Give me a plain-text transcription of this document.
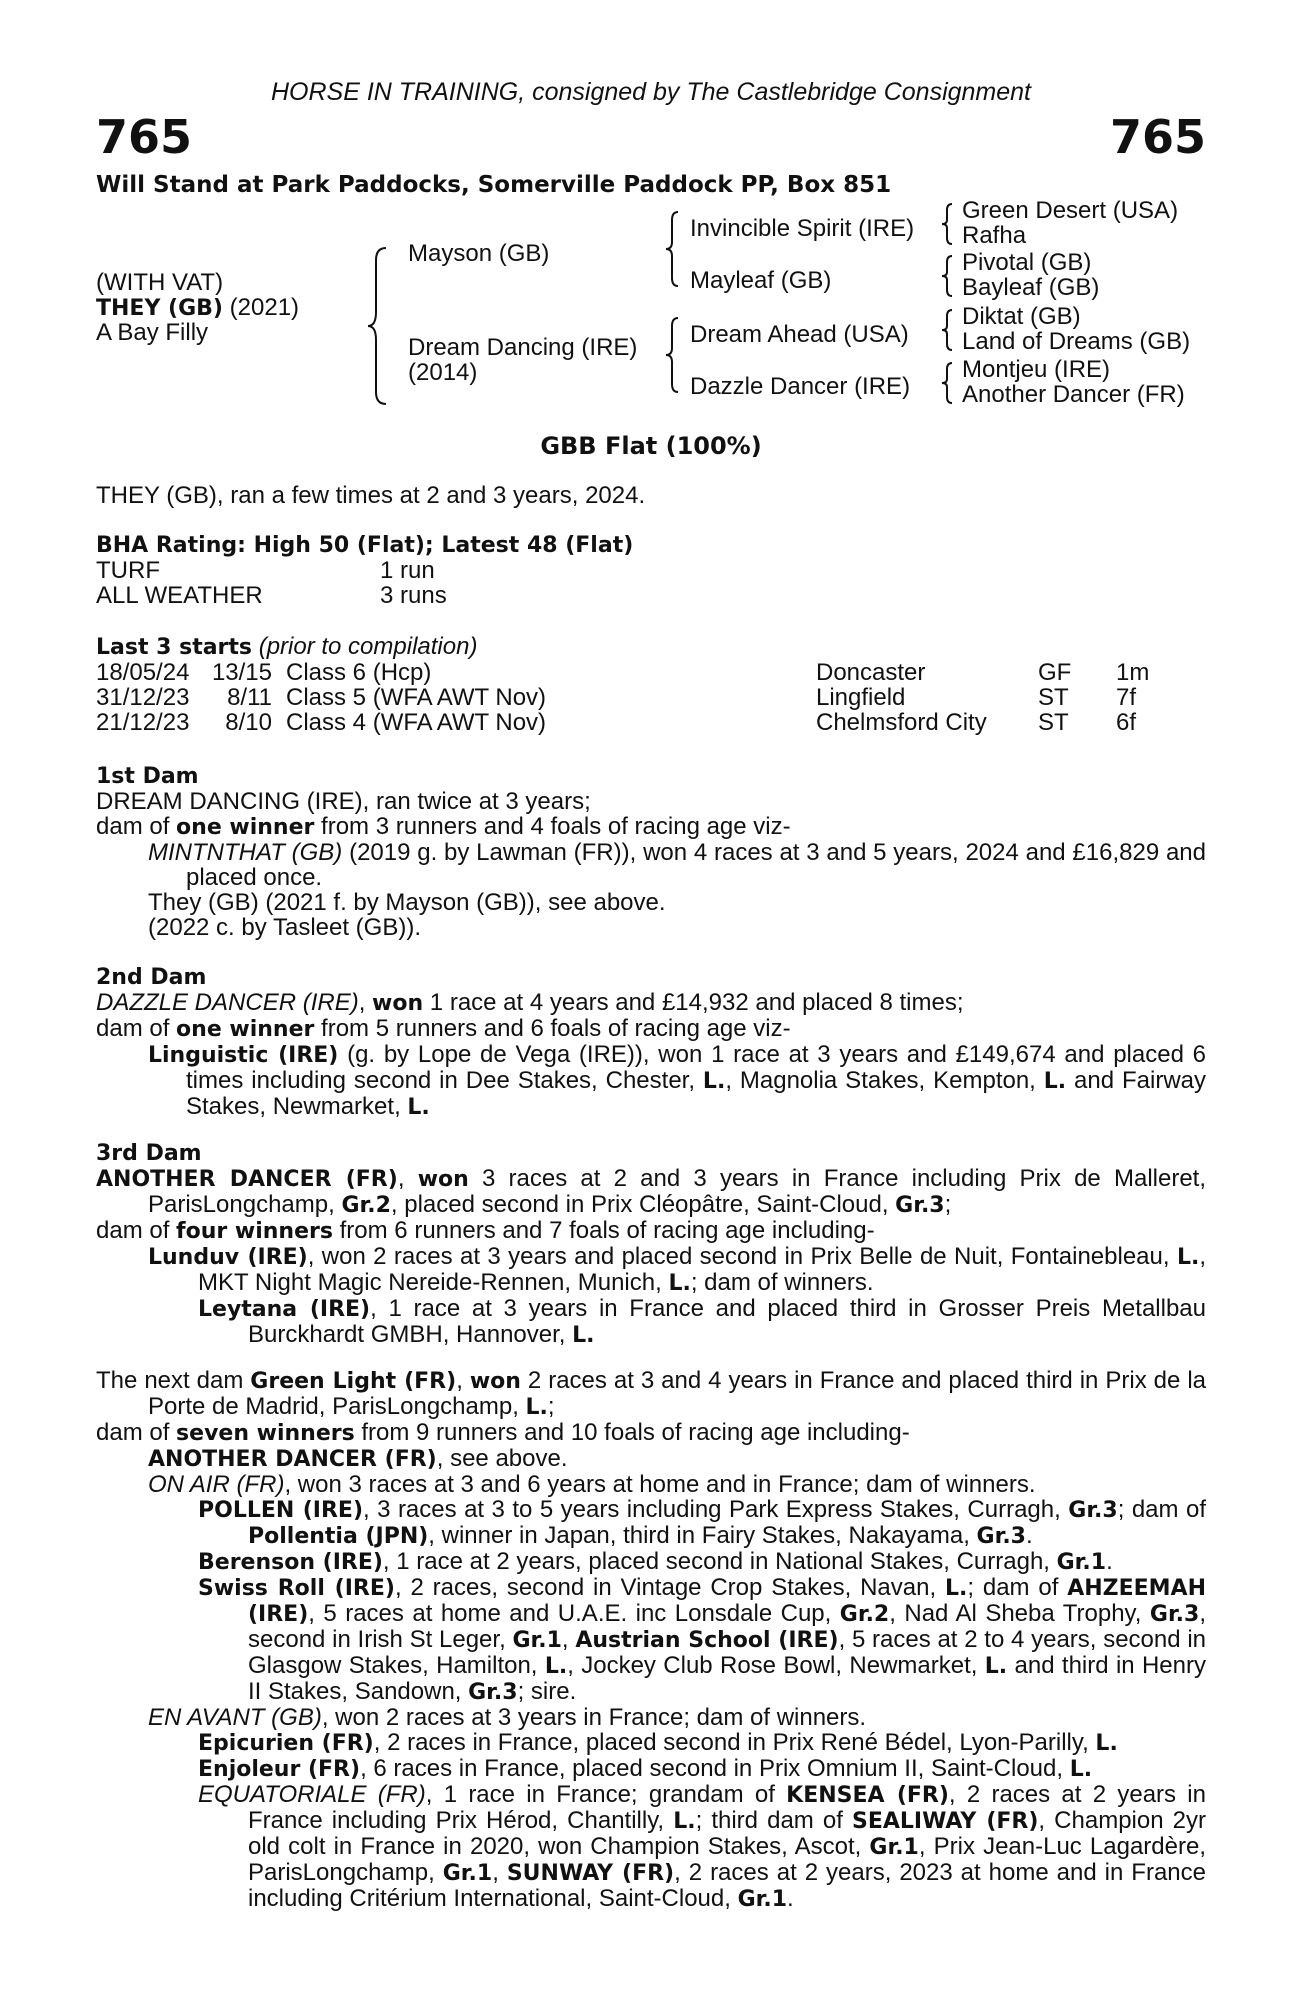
HORSE IN TRAINING, consigned by The Castlebridge Consignment
765	765
Will Stand at Park Paddocks, Somerville Paddock PP, Box 851
(WITH VAT)
THEY (GB) (2021)
A Bay Filly
Mayson (GB)
Dream Dancing (IRE)
(2014)
Invincible Spirit (IRE)
Mayleaf (GB)
Dream Ahead (USA)
Dazzle Dancer (IRE)
Green Desert (USA)
Rafha
Pivotal (GB)
Bayleaf (GB)
Diktat (GB)
Land of Dreams (GB)
Montjeu (IRE)
Another Dancer (FR)
GBB Flat (100%)
THEY (GB), ran a few times at 2 and 3 years, 2024.
BHA Rating: High 50 (Flat); Latest 48 (Flat)
TURF	1 run
ALL WEATHER	3 runs
Last 3 starts (prior to compilation)
18/05/24 13/15 Class 6 (Hcp)	Doncaster	GF	1m
31/12/23	8/11 Class 5 (WFA AWT Nov)	Lingfield	ST	7f
21/12/23	8/10 Class 4 (WFA AWT Nov)	Chelmsford City	ST	6f
1st Dam
DREAM DANCING (IRE), ran twice at 3 years;
dam of one winner from 3 runners and 4 foals of racing age viz-
MINTNTHAT (GB) (2019 g. by Lawman (FR)), won 4 races at 3 and 5 years, 2024 and £16,829 and placed once.
They (GB) (2021 f. by Mayson (GB)), see above.
(2022 c. by Tasleet (GB)).
2nd Dam
DAZZLE DANCER (IRE), won 1 race at 4 years and £14,932 and placed 8 times;
dam of one winner from 5 runners and 6 foals of racing age viz-
Linguistic (IRE) (g. by Lope de Vega (IRE)), won 1 race at 3 years and £149,674 and placed 6 times including second in Dee Stakes, Chester, L., Magnolia Stakes, Kempton, L. and Fairway Stakes, Newmarket, L.
3rd Dam
ANOTHER DANCER (FR), won 3 races at 2 and 3 years in France including Prix de Malleret, ParisLongchamp, Gr.2, placed second in Prix Cléopâtre, Saint-Cloud, Gr.3;
dam of four winners from 6 runners and 7 foals of racing age including-
Lunduv (IRE), won 2 races at 3 years and placed second in Prix Belle de Nuit, Fontainebleau, L., MKT Night Magic Nereide-Rennen, Munich, L.; dam of winners.
Leytana (IRE), 1 race at 3 years in France and placed third in Grosser Preis Metallbau Burckhardt GMBH, Hannover, L.
The next dam Green Light (FR), won 2 races at 3 and 4 years in France and placed third in Prix de la Porte de Madrid, ParisLongchamp, L.;
dam of seven winners from 9 runners and 10 foals of racing age including-
ANOTHER DANCER (FR), see above.
ON AIR (FR), won 3 races at 3 and 6 years at home and in France; dam of winners.
POLLEN (IRE), 3 races at 3 to 5 years including Park Express Stakes, Curragh, Gr.3; dam of Pollentia (JPN), winner in Japan, third in Fairy Stakes, Nakayama, Gr.3.
Berenson (IRE), 1 race at 2 years, placed second in National Stakes, Curragh, Gr.1.
Swiss Roll (IRE), 2 races, second in Vintage Crop Stakes, Navan, L.; dam of AHZEEMAH (IRE), 5 races at home and U.A.E. inc Lonsdale Cup, Gr.2, Nad Al Sheba Trophy, Gr.3, second in Irish St Leger, Gr.1, Austrian School (IRE), 5 races at 2 to 4 years, second in Glasgow Stakes, Hamilton, L., Jockey Club Rose Bowl, Newmarket, L. and third in Henry II Stakes, Sandown, Gr.3; sire.
EN AVANT (GB), won 2 races at 3 years in France; dam of winners.
Epicurien (FR), 2 races in France, placed second in Prix René Bédel, Lyon-Parilly, L.
Enjoleur (FR), 6 races in France, placed second in Prix Omnium II, Saint-Cloud, L.
EQUATORIALE (FR), 1 race in France; grandam of KENSEA (FR), 2 races at 2 years in France including Prix Hérod, Chantilly, L.; third dam of SEALIWAY (FR), Champion 2yr old colt in France in 2020, won Champion Stakes, Ascot, Gr.1, Prix Jean-Luc Lagardère, ParisLongchamp, Gr.1, SUNWAY (FR), 2 races at 2 years, 2023 at home and in France including Critérium International, Saint-Cloud, Gr.1.
